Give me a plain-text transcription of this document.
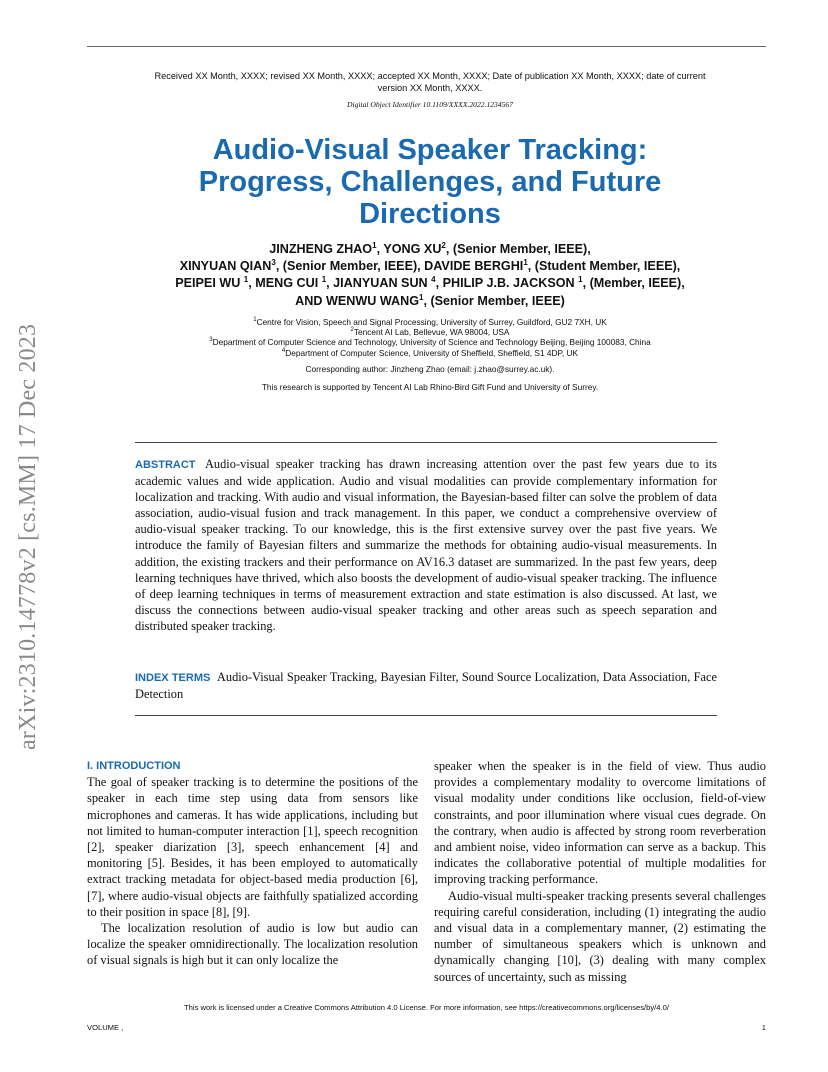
Received XX Month, XXXX; revised XX Month, XXXX; accepted XX Month, XXXX; Date of publication XX Month, XXXX; date of current version XX Month, XXXX.
Digital Object Identifier 10.1109/XXXX.2022.1234567
Audio-Visual Speaker Tracking: Progress, Challenges, and Future Directions
JINZHENG ZHAO$^1$, YONG $XU^2$, (Senior Member, IEEE),
XINYUAN QIAN$^3$, (Senior Member, IEEE), DAVIDE BERGHI$^1$, (Student Member, IEEE),
PEIPEI WU $^1$, MENG CUI $^1$, JIANYUAN SUN $^4$, PHILIP J.B. JACKSON $^1$, (Member, IEEE),
AND WENWU WANG$^1$, (Senior Member, IEEE)
$^1$Centre for Vision, Speech and Signal Processing, University of Surrey, Guildford, GU2 7XH, UK
$^2$Tencent AI Lab, Bellevue, WA 98004, USA
$^3$Department of Computer Science and Technology, University of Science and Technology Beijing, Beijing 100083, China
$^4$Department of Computer Science, University of Sheffield, Sheffield, S1 4DP, UK
Corresponding author: Jinzheng Zhao (email: j.zhao@surrey.ac.uk).
This research is supported by Tencent AI Lab Rhino-Bird Gift Fund and University of Surrey.
ABSTRACT Audio-visual speaker tracking has drawn increasing attention over the past few years due to its academic values and wide application. Audio and visual modalities can provide complementary information for localization and tracking. With audio and visual information, the Bayesian-based filter can solve the problem of data association, audio-visual fusion and track management. In this paper, we conduct a comprehensive overview of audio-visual speaker tracking. To our knowledge, this is the first extensive survey over the past five years. We introduce the family of Bayesian filters and summarize the methods for obtaining audio-visual measurements. In addition, the existing trackers and their performance on AV16.3 dataset are summarized. In the past few years, deep learning techniques have thrived, which also boosts the development of audio-visual speaker tracking. The influence of deep learning techniques in terms of measurement extraction and state estimation is also discussed. At last, we discuss the connections between audio-visual speaker tracking and other areas such as speech separation and distributed speaker tracking.
INDEX TERMS Audio-Visual Speaker Tracking, Bayesian Filter, Sound Source Localization, Data Association, Face Detection
arXiv:2310.14778v2 [cs.MM] 17 Dec 2023
I. INTRODUCTION

The goal of speaker tracking is to determine the positions of the speaker in each time step using data from sensors like microphones and cameras. It has wide applications, including but not limited to human-computer interaction [1], speech recognition [2], speaker diarization [3], speech enhancement [4] and monitoring [5]. Besides, it has been employed to automatically extract tracking metadata for object-based media production [6], [7], where audio-visual objects are faithfully spatialized according to their position in space [8], [9].

The localization resolution of audio is low but audio can localize the speaker omnidirectionally. The localization resolution of visual signals is high but it can only localize the

speaker when the speaker is in the field of view. Thus audio provides a complementary modality to overcome limitations of visual modality under conditions like occlusion, field-of-view constraints, and poor illumination where visual cues degrade. On the contrary, when audio is affected by strong room reverberation and ambient noise, video information can serve as a backup. This indicates the collaborative potential of multiple modalities for improving tracking performance.

Audio-visual multi-speaker tracking presents several challenges requiring careful consideration, including (1) integrating the audio and visual data in a complementary manner, (2) estimating the number of simultaneous speakers which is unknown and dynamically changing [10], (3) dealing with many complex sources of uncertainty, such as missing

This work is licensed under a Creative Commons Attribution 4.0 License. For more information, see https://creativecommons.org/licenses/by/4.0/
VOLUME ,	1
